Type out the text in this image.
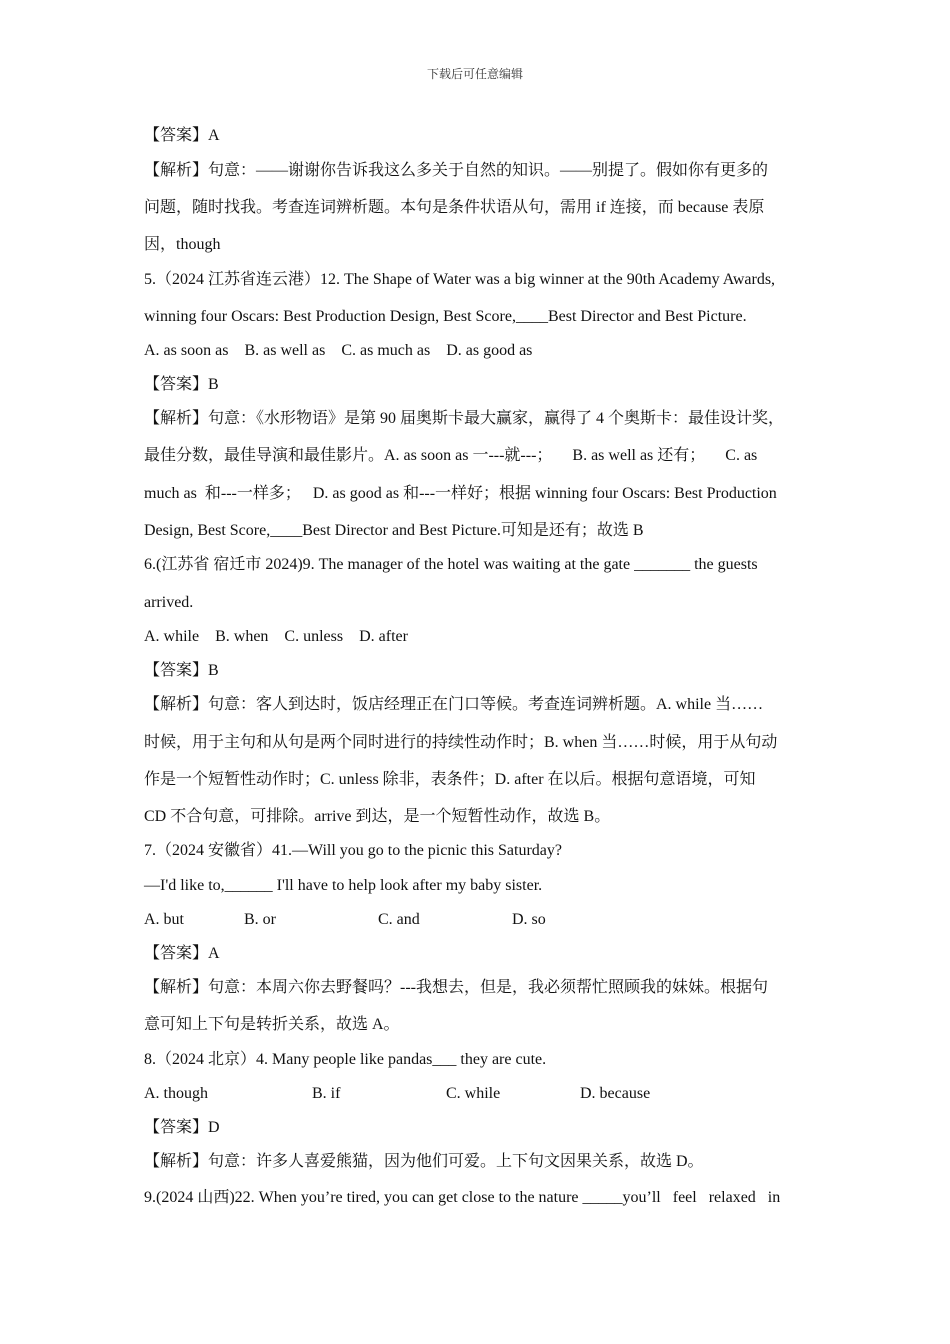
下载后可任意编辑
【答案】A
【解析】句意：——谢谢你告诉我这么多关于自然的知识。——别提了。假如你有更多的
问题，随时找我。考查连词辨析题。本句是条件状语从句，需用 if 连接，而 because 表原
因，though
5.（2024 江苏省连云港）12. The Shape of Water was a big winner at the 90th Academy Awards,
winning four Oscars: Best Production Design, Best Score,____Best Director and Best Picture.
A. as soon as    B. as well as    C. as much as    D. as good as
【答案】B
【解析】句意：《水形物语》是第 90 届奥斯卡最大赢家，赢得了 4 个奥斯卡：最佳设计奖，
最佳分数，最佳导演和最佳影片。A. as soon as 一---就---；     B. as well as 还有；     C. as
much as  和---一样多；   D. as good as 和---一样好；根据 winning four Oscars: Best Production
Design, Best Score,____Best Director and Best Picture.可知是还有；故选 B
6.(江苏省 宿迁市 2024)9. The manager of the hotel was waiting at the gate _______ the guests
arrived.
A. while    B. when    C. unless    D. after
【答案】B
【解析】句意：客人到达时，饭店经理正在门口等候。考查连词辨析题。A. while 当……
时候，用于主句和从句是两个同时进行的持续性动作时；B. when 当……时候，用于从句动
作是一个短暂性动作时；C. unless 除非，表条件；D. after 在以后。根据句意语境，可知
CD 不合句意，可排除。arrive 到达，是一个短暂性动作，故选 B。
7.（2024 安徽省）41.—Will you go to the picnic this Saturday?
—I'd like to,______ I'll have to help look after my baby sister.
A. but	B. or	C. and	D. so
【答案】A
【解析】句意：本周六你去野餐吗？---我想去，但是，我必须帮忙照顾我的妹妹。根据句
意可知上下句是转折关系，故选 A。
8.（2024 北京）4. Many people like pandas___ they are cute.
A. though	B. if	C. while	D. because
【答案】D
【解析】句意：许多人喜爱熊猫，因为他们可爱。上下句文因果关系，故选 D。
9.(2024 山西)22. When you’re tired, you can get close to the nature _____you’ll   feel   relaxed   in
